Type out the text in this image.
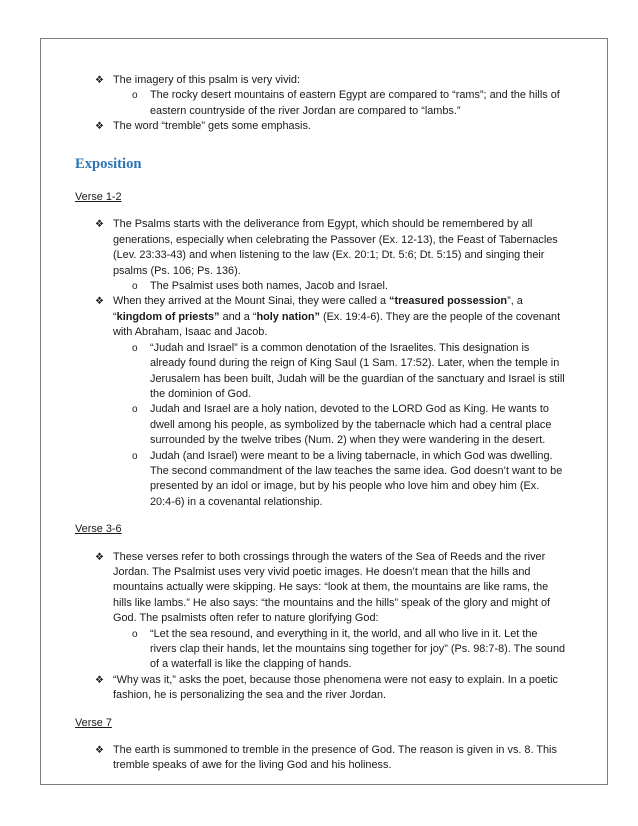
❖ The imagery of this psalm is very vivid:
o The rocky desert mountains of eastern Egypt are compared to “rams”; and the hills of eastern countryside of the river Jordan are compared to “lambs.”
❖ The word “tremble” gets some emphasis.
Exposition
Verse 1-2
❖ The Psalms starts with the deliverance from Egypt, which should be remembered by all generations, especially when celebrating the Passover (Ex. 12-13), the Feast of Tabernacles (Lev. 23:33-43) and when listening to the law (Ex. 20:1; Dt. 5:6; Dt. 5:15) and singing their psalms (Ps. 106; Ps. 136).
o The Psalmist uses both names, Jacob and Israel.
❖ When they arrived at the Mount Sinai, they were called a “treasured possession”, a “kingdom of priests” and a “holy nation” (Ex. 19:4-6). They are the people of the covenant with Abraham, Isaac and Jacob.
o “Judah and Israel” is a common denotation of the Israelites. This designation is already found during the reign of King Saul (1 Sam. 17:52). Later, when the temple in Jerusalem has been built, Judah will be the guardian of the sanctuary and Israel is still the dominion of God.
o Judah and Israel are a holy nation, devoted to the LORD God as King. He wants to dwell among his people, as symbolized by the tabernacle which had a central place surrounded by the twelve tribes (Num. 2) when they were wandering in the desert.
o Judah (and Israel) were meant to be a living tabernacle, in which God was dwelling. The second commandment of the law teaches the same idea. God doesn’t want to be presented by an idol or image, but by his people who love him and obey him (Ex. 20:4-6) in a covenantal relationship.
Verse 3-6
❖ These verses refer to both crossings through the waters of the Sea of Reeds and the river Jordan. The Psalmist uses very vivid poetic images. He doesn’t mean that the hills and mountains actually were skipping. He says: “look at them, the mountains are like rams, the hills like lambs.” He also says: “the mountains and the hills” speak of the glory and might of God. The psalmists often refer to nature glorifying God:
o “Let the sea resound, and everything in it, the world, and all who live in it. Let the rivers clap their hands, let the mountains sing together for joy” (Ps. 98:7-8). The sound of a waterfall is like the clapping of hands.
❖ “Why was it,” asks the poet, because those phenomena were not easy to explain. In a poetic fashion, he is personalizing the sea and the river Jordan.
Verse 7
❖ The earth is summoned to tremble in the presence of God. The reason is given in vs. 8. This tremble speaks of awe for the living God and his holiness.
